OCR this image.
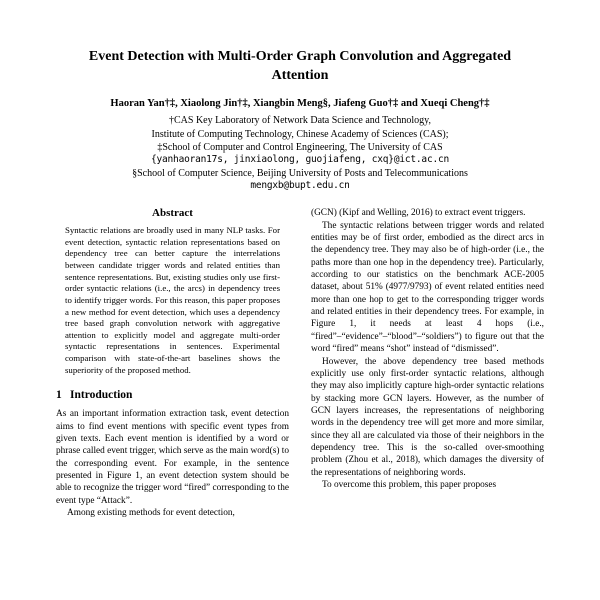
Event Detection with Multi-Order Graph Convolution and Aggregated Attention
Haoran Yan†‡, Xiaolong Jin†‡, Xiangbin Meng§, Jiafeng Guo†‡ and Xueqi Cheng†‡
†CAS Key Laboratory of Network Data Science and Technology,
Institute of Computing Technology, Chinese Academy of Sciences (CAS);
‡School of Computer and Control Engineering, The University of CAS
{yanhaoran17s, jinxiaolong, guojiafeng, cxq}@ict.ac.cn
§School of Computer Science, Beijing University of Posts and Telecommunications
mengxb@bupt.edu.cn
Abstract

Syntactic relations are broadly used in many NLP tasks. For event detection, syntactic relation representations based on dependency tree can better capture the interrelations between candidate trigger words and related entities than sentence representations. But, existing studies only use first-order syntactic relations (i.e., the arcs) in dependency trees to identify trigger words. For this reason, this paper proposes a new method for event detection, which uses a dependency tree based graph convolution network with aggregative attention to explicitly model and aggregate multi-order syntactic representations in sentences. Experimental comparison with state-of-the-art baselines shows the superiority of the proposed method.

1 Introduction

As an important information extraction task, event detection aims to find event mentions with specific event types from given texts. Each event mention is identified by a word or phrase called event trigger, which serve as the main word(s) to the corresponding event. For example, in the sentence presented in Figure 1, an event detection system should be able to recognize the trigger word “fired” corresponding to the event type “Attack”.

Among existing methods for event detection,

(GCN) (Kipf and Welling, 2016) to extract event triggers.

The syntactic relations between trigger words and related entities may be of first order, embodied as the direct arcs in the dependency tree. They may also be of high-order (i.e., the paths more than one hop in the dependency tree). Particularly, according to our statistics on the benchmark ACE-2005 dataset, about 51% (4977/9793) of event related entities need more than one hop to get to the corresponding trigger words and related entities in their dependency trees. For example, in Figure 1, it needs at least 4 hops (i.e., “fired”–“evidence”–“blood”–“soldiers”) to figure out that the word “fired” means “shot” instead of “dismissed”.

However, the above dependency tree based methods explicitly use only first-order syntactic relations, although they may also implicitly capture high-order syntactic relations by stacking more GCN layers. However, as the number of GCN layers increases, the representations of neighboring words in the dependency tree will get more and more similar, since they all are calculated via those of their neighbors in the dependency tree. This is the so-called over-smoothing problem (Zhou et al., 2018), which damages the diversity of the representations of neighboring words.

To overcome this problem, this paper proposes
